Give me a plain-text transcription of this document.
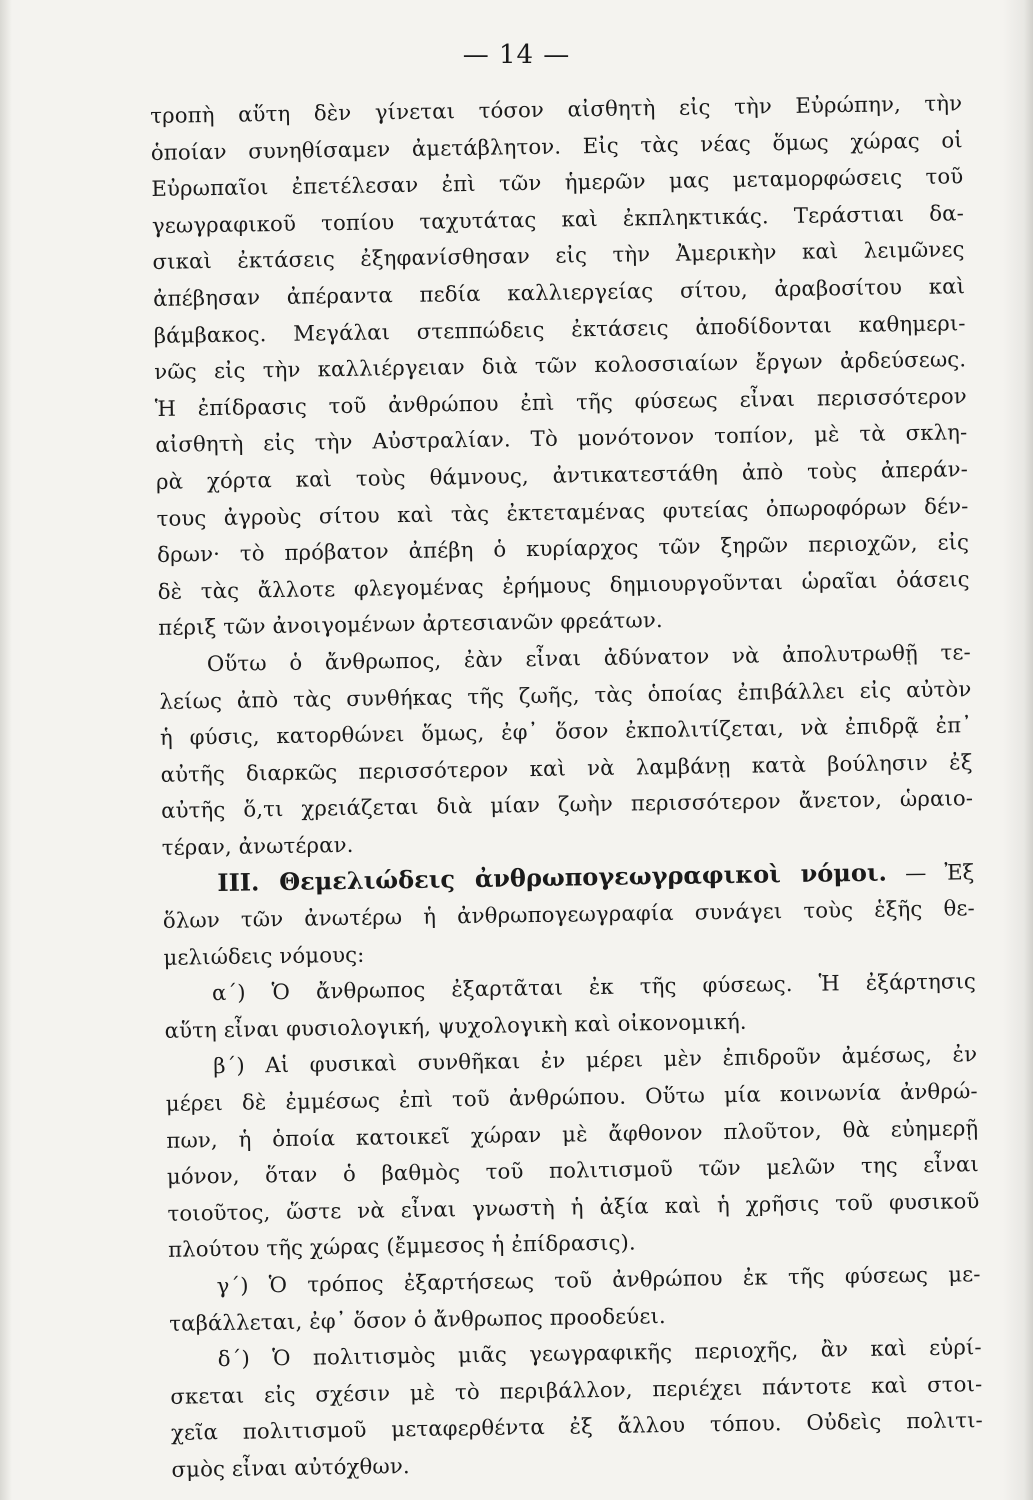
— 14 —
τροπὴ αὕτη δὲν γίνεται τόσον αἰσθητὴ εἰς τὴν Εὐρώπην, τὴν
ὁποίαν συνηθίσαμεν ἀμετάβλητον. Εἰς τὰς νέας ὅμως χώρας οἱ
Εὐρωπαῖοι ἐπετέλεσαν ἐπὶ τῶν ἡμερῶν μας μεταμορφώσεις τοῦ
γεωγραφικοῦ τοπίου ταχυτάτας καὶ ἐκπληκτικάς. Τεράστιαι δα-
σικαὶ ἐκτάσεις ἐξηφανίσθησαν εἰς τὴν Ἀμερικὴν καὶ λειμῶνες
ἀπέβησαν ἀπέραντα πεδία καλλιεργείας σίτου, ἀραβοσίτου καὶ
βάμβακος. Μεγάλαι στεππώδεις ἐκτάσεις ἀποδίδονται καθημερι-
νῶς εἰς τὴν καλλιέργειαν διὰ τῶν κολοσσιαίων ἔργων ἀρδεύσεως.
Ἡ ἐπίδρασις τοῦ ἀνθρώπου ἐπὶ τῆς φύσεως εἶναι περισσότερον
αἰσθητὴ εἰς τὴν Αὐστραλίαν. Τὸ μονότονον τοπίον, μὲ τὰ σκλη-
ρὰ χόρτα καὶ τοὺς θάμνους, ἀντικατεστάθη ἀπὸ τοὺς ἀπεράν-
τους ἀγροὺς σίτου καὶ τὰς ἐκτεταμένας φυτείας ὀπωροφόρων δέν-
δρων· τὸ πρόβατον ἀπέβη ὁ κυρίαρχος τῶν ξηρῶν περιοχῶν, εἰς
δὲ τὰς ἄλλοτε φλεγομένας ἐρήμους δημιουργοῦνται ὡραῖαι ὀάσεις
πέριξ τῶν ἀνοιγομένων ἀρτεσιανῶν φρεάτων.
Οὕτω ὁ ἄνθρωπος, ἐὰν εἶναι ἀδύνατον νὰ ἀπολυτρωθῇ τε-
λείως ἀπὸ τὰς συνθήκας τῆς ζωῆς, τὰς ὁποίας ἐπιβάλλει εἰς αὐτὸν
ἡ φύσις, κατορθώνει ὅμως, ἐφ᾽ ὅσον ἐκπολιτίζεται, νὰ ἐπιδρᾷ ἐπ᾽
αὐτῆς διαρκῶς περισσότερον καὶ νὰ λαμβάνῃ κατὰ βούλησιν ἐξ
αὐτῆς ὅ,τι χρειάζεται διὰ μίαν ζωὴν περισσότερον ἄνετον, ὡραιο-
τέραν, ἀνωτέραν.
III. Θεμελιώδεις ἀνθρωπογεωγραφικοὶ νόμοι. — Ἐξ
ὅλων τῶν ἀνωτέρω ἡ ἀνθρωπογεωγραφία συνάγει τοὺς ἑξῆς θε-
μελιώδεις νόμους:
α΄) Ὁ ἄνθρωπος ἐξαρτᾶται ἐκ τῆς φύσεως. Ἡ ἐξάρτησις
αὕτη εἶναι φυσιολογική, ψυχολογικὴ καὶ οἰκονομική.
β΄) Αἱ φυσικαὶ συνθῆκαι ἐν μέρει μὲν ἐπιδροῦν ἀμέσως, ἐν
μέρει δὲ ἐμμέσως ἐπὶ τοῦ ἀνθρώπου. Οὕτω μία κοινωνία ἀνθρώ-
πων, ἡ ὁποία κατοικεῖ χώραν μὲ ἄφθονον πλοῦτον, θὰ εὐημερῇ
μόνον, ὅταν ὁ βαθμὸς τοῦ πολιτισμοῦ τῶν μελῶν της εἶναι
τοιοῦτος, ὥστε νὰ εἶναι γνωστὴ ἡ ἀξία καὶ ἡ χρῆσις τοῦ φυσικοῦ
πλούτου τῆς χώρας (ἔμμεσος ἡ ἐπίδρασις).
γ΄) Ὁ τρόπος ἐξαρτήσεως τοῦ ἀνθρώπου ἐκ τῆς φύσεως με-
ταβάλλεται, ἐφ᾽ ὅσον ὁ ἄνθρωπος προοδεύει.
δ΄) Ὁ πολιτισμὸς μιᾶς γεωγραφικῆς περιοχῆς, ἂν καὶ εὑρί-
σκεται εἰς σχέσιν μὲ τὸ περιβάλλον, περιέχει πάντοτε καὶ στοι-
χεῖα πολιτισμοῦ μεταφερθέντα ἐξ ἄλλου τόπου. Οὐδεὶς πολιτι-
σμὸς εἶναι αὐτόχθων.
